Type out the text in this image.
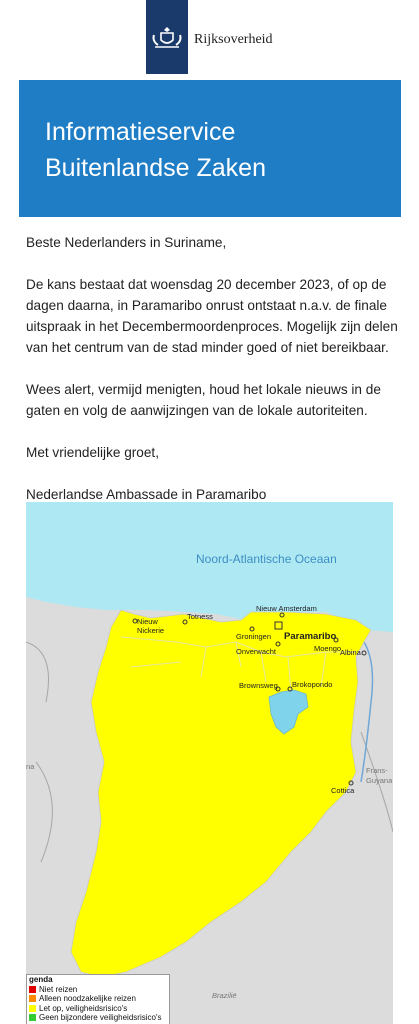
Rijksoverheid
Informatieservice
Buitenlandse Zaken

Beste Nederlanders in Suriname,

De kans bestaat dat woensdag 20 december 2023, of op de dagen daarna, in Paramaribo onrust ontstaat n.a.v. de finale uitspraak in het Decembermoordenproces. Mogelijk zijn delen van het centrum van de stad minder goed of niet bereikbaar.

Wees alert, vermijd menigten, houd het lokale nieuws in de gaten en volg de aanwijzingen van de lokale autoriteiten.

Met vriendelijke groet,

Nederlandse Ambassade in Paramaribo

Noord-Atlantische Oceaan
Nieuw
Nickerie
Totness
Nieuw Amsterdam
Groningen Paramaribo
Onverwacht	Moengo
Albina
Brownsweg Brokopondo
Cottica
Frans-
Guyana
Brazilië
na
genda
Niet reizen
Alleen noodzakelijke reizen
Let op, veiligheidsrisico's
Geen bijzondere veiligheidsrisico's
